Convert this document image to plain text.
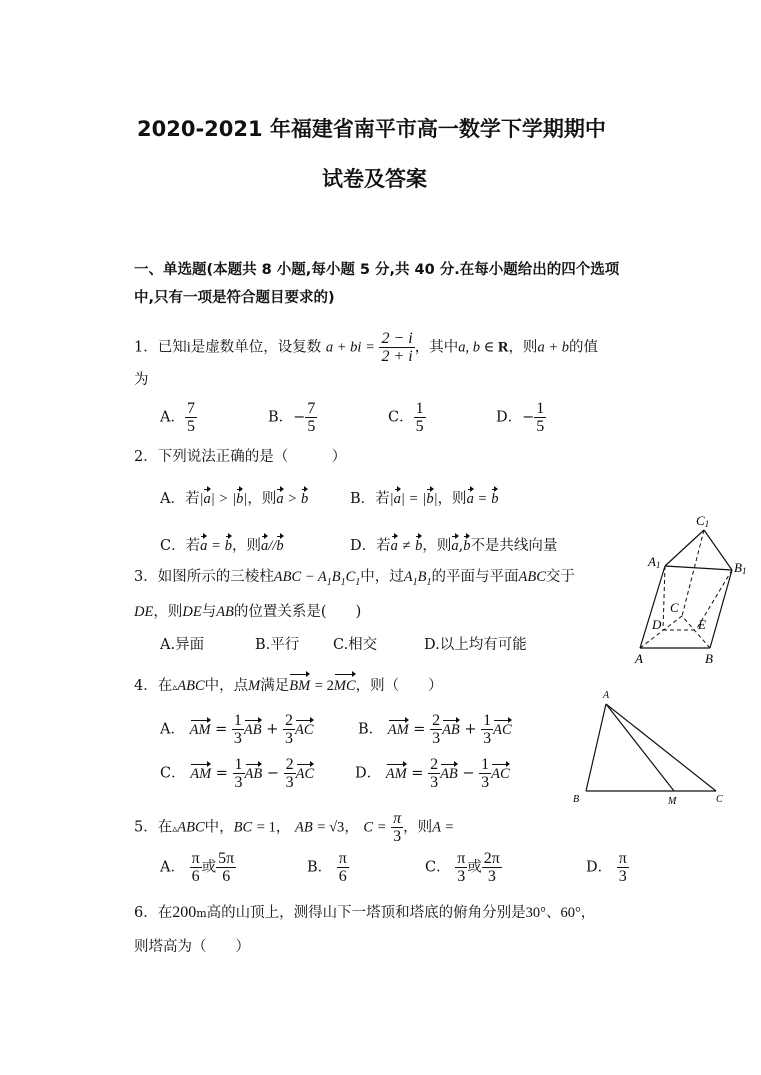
2020-2021 年福建省南平市高一数学下学期期中
试卷及答案
一、单选题(本题共 8 小题,每小题 5 分,共 40 分.在每小题给出的四个选项
中,只有一项是符合题目要求的)
1．已知i是虚数单位，设复数 a + bi = $\frac{2 - i}{2 + i}$ ，其中a, b ∈ R，则a + b的值
为
A． $\frac{7}{5}$	B．− $\frac{7}{5}$	C． $\frac{1}{5}$	D．− $\frac{1}{5}$
2．下列说法正确的是（　　　）
A．若|a| > |b|，则a > b	B．若|a| = |b|，则a = b
C．若a = b，则a//b	D．若a ≠ b，则a,b不是共线向量
3．如图所示的三棱柱ABC − $A_1B_1C_1$中，过$A_1B_1$的平面与平面ABC交于
DE，则DE与AB的位置关系是(　　)
A.异面	B.平行 C.相交	D.以上均有可能
C1
A1	B1
C
D	E
A	B
4．在▵ABC中，点M满足BM = 2MC，则（　　）
A． AM = $\frac{1}{3}$ AB + $\frac{2}{3}$ AC	B． AM = $\frac{2}{3}$ AB + $\frac{1}{3}$ AC
C． AM = $\frac{1}{3}$ AB − $\frac{2}{3}$ AC	D． AM = $\frac{2}{3}$ AB − $\frac{1}{3}$ AC
A
B	M	C
5．在▵ABC中，BC = 1， AB = √3， $C = \frac{\pi}{3}$ ，则A =
A． $\frac{\pi}{6}$ 或 $\frac{5\pi}{6}$	B． $\frac{\pi}{6}$	C． $\frac{\pi}{3}$ 或 $\frac{2\pi}{3}$	D． $\frac{\pi}{3}$
6．在200m高的山顶上，测得山下一塔顶和塔底的俯角分别是30°、60°，
则塔高为（　　）
